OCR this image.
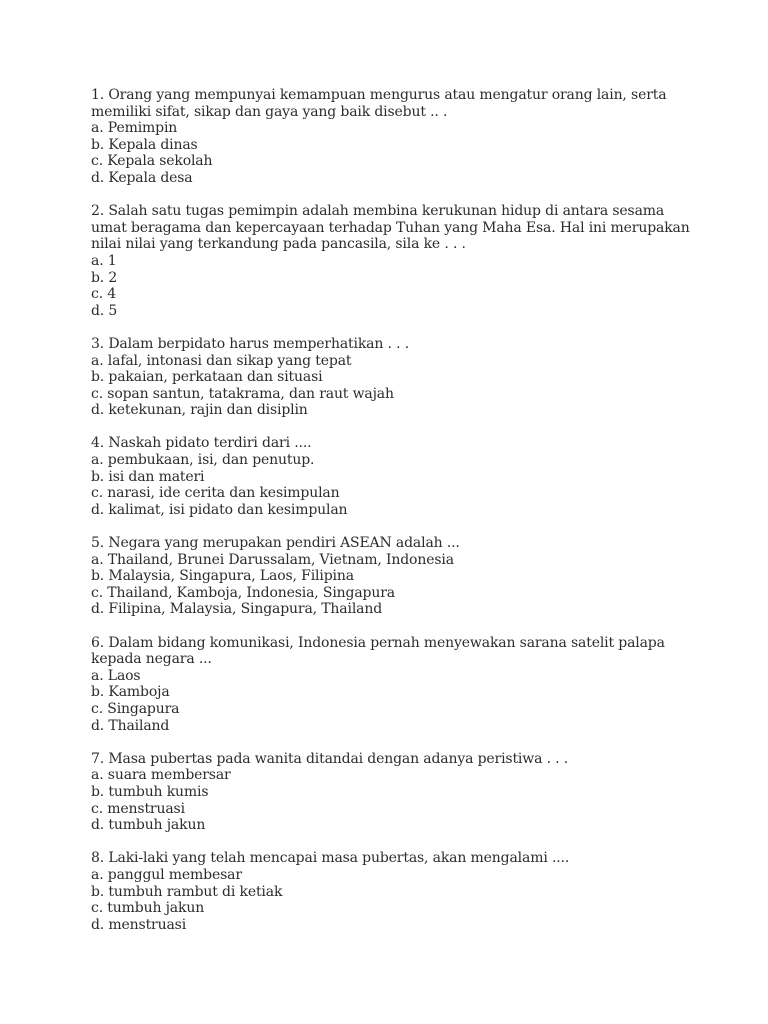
1. Orang yang mempunyai kemampuan mengurus atau mengatur orang lain, serta memiliki sifat, sikap dan gaya yang baik disebut .. .
a. Pemimpin
b. Kepala dinas
c. Kepala sekolah
d. Kepala desa
2. Salah satu tugas pemimpin adalah membina kerukunan hidup di antara sesama umat beragama dan kepercayaan terhadap Tuhan yang Maha Esa. Hal ini merupakan nilai nilai yang terkandung pada pancasila, sila ke . . .
a. 1
b. 2
c. 4
d. 5
3. Dalam berpidato harus memperhatikan . . .
a. lafal, intonasi dan sikap yang tepat
b. pakaian, perkataan dan situasi
c. sopan santun, tatakrama, dan raut wajah
d. ketekunan, rajin dan disiplin
4. Naskah pidato terdiri dari ....
a. pembukaan, isi, dan penutup.
b. isi dan materi
c. narasi, ide cerita dan kesimpulan
d. kalimat, isi pidato dan kesimpulan
5. Negara yang merupakan pendiri ASEAN adalah ...
a. Thailand, Brunei Darussalam, Vietnam, Indonesia
b. Malaysia, Singapura, Laos, Filipina
c. Thailand, Kamboja, Indonesia, Singapura
d. Filipina, Malaysia, Singapura, Thailand
6. Dalam bidang komunikasi, Indonesia pernah menyewakan sarana satelit palapa kepada negara ...
a. Laos
b. Kamboja
c. Singapura
d. Thailand
7. Masa pubertas pada wanita ditandai dengan adanya peristiwa . . .
a. suara membersar
b. tumbuh kumis
c. menstruasi
d. tumbuh jakun
8. Laki-laki yang telah mencapai masa pubertas, akan mengalami ....
a. panggul membesar
b. tumbuh rambut di ketiak
c. tumbuh jakun
d. menstruasi
